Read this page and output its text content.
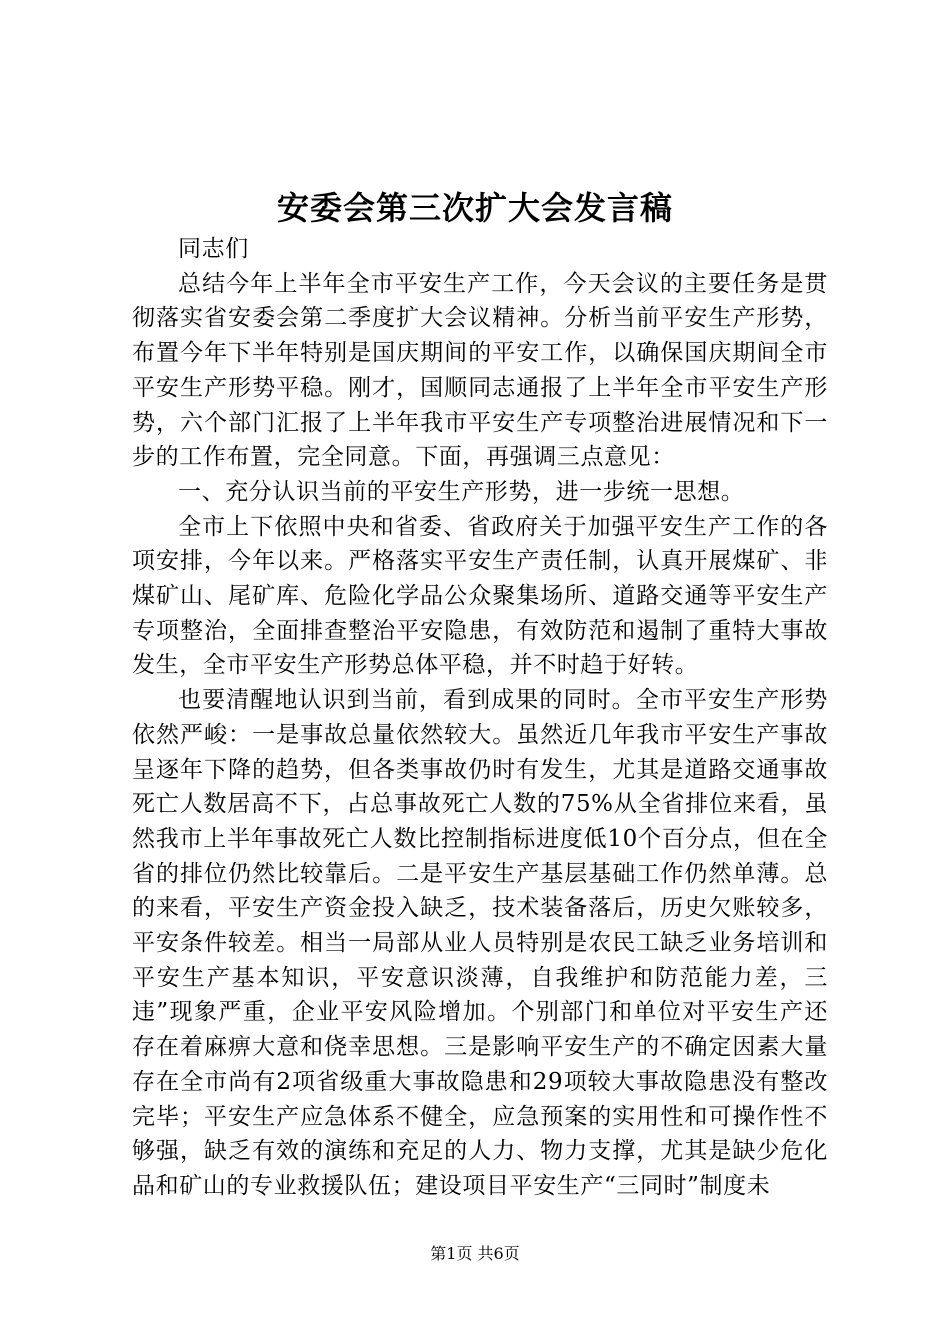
安委会第三次扩大会发言稿

同志们

总结今年上半年全市平安生产工作，今天会议的主要任务是贯彻落实省安委会第二季度扩大会议精神。分析当前平安生产形势，布置今年下半年特别是国庆期间的平安工作，以确保国庆期间全市平安生产形势平稳。刚才，国顺同志通报了上半年全市平安生产形势，六个部门汇报了上半年我市平安生产专项整治进展情况和下一步的工作布置，完全同意。下面，再强调三点意见：

一、充分认识当前的平安生产形势，进一步统一思想。

全市上下依照中央和省委、省政府关于加强平安生产工作的各项安排，今年以来。严格落实平安生产责任制，认真开展煤矿、非煤矿山、尾矿库、危险化学品公众聚集场所、道路交通等平安生产专项整治，全面排查整治平安隐患，有效防范和遏制了重特大事故发生，全市平安生产形势总体平稳，并不时趋于好转。

也要清醒地认识到当前，看到成果的同时。全市平安生产形势依然严峻：一是事故总量依然较大。虽然近几年我市平安生产事故呈逐年下降的趋势，但各类事故仍时有发生，尤其是道路交通事故死亡人数居高不下，占总事故死亡人数的75%从全省排位来看，虽然我市上半年事故死亡人数比控制指标进度低10个百分点，但在全省的排位仍然比较靠后。二是平安生产基层基础工作仍然单薄。总的来看，平安生产资金投入缺乏，技术装备落后，历史欠账较多，平安条件较差。相当一局部从业人员特别是农民工缺乏业务培训和平安生产基本知识，平安意识淡薄，自我维护和防范能力差，三违”现象严重，企业平安风险增加。个别部门和单位对平安生产还存在着麻痹大意和侥幸思想。三是影响平安生产的不确定因素大量存在全市尚有2项省级重大事故隐患和29项较大事故隐患没有整改完毕；平安生产应急体系不健全，应急预案的实用性和可操作性不够强，缺乏有效的演练和充足的人力、物力支撑，尤其是缺少危化品和矿山的专业救援队伍；建设项目平安生产“三同时”制度未

第1页 共6页
